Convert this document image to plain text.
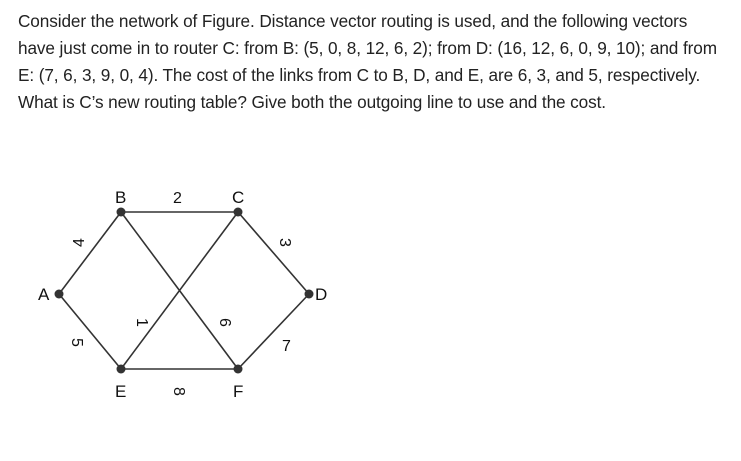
Consider the network of Figure. Distance vector routing is used, and the following vectors have just come in to router C: from B: (5, 0, 8, 12, 6, 2); from D: (16, 12, 6, 0, 9, 10); and from E: (7, 6, 3, 9, 0, 4). The cost of the links from C to B, D, and E, are 6, 3, and 5, respectively. What is C’s new routing table? Give both the outgoing line to use and the cost.

A
B	C
D
E	F
4
2
3
5
1	6
7
8
